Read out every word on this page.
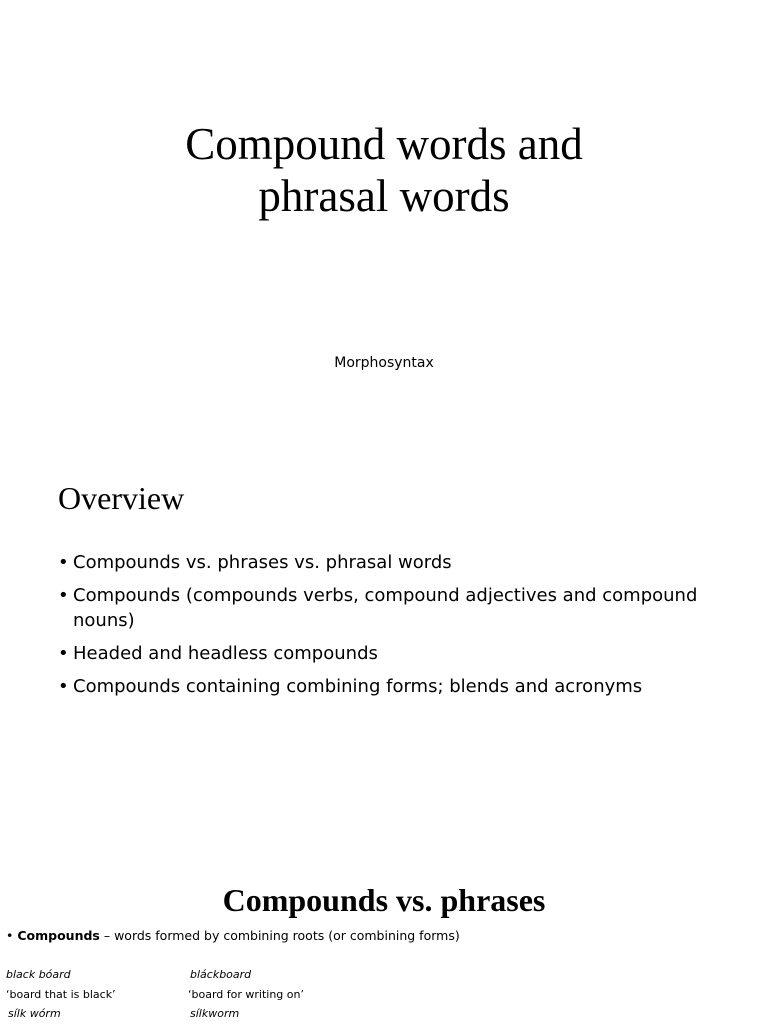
Compound words and
phrasal words
Morphosyntax
Overview
• Compounds vs. phrases vs. phrasal words
• Compounds (compounds verbs, compound adjectives and compound nouns)
• Headed and headless compounds
• Compounds containing combining forms; blends and acronyms
Compounds vs. phrases
• Compounds – words formed by combining roots (or combining forms)
black bóard
‘board that is black’
sílk wórm
bláckboard
‘board for writing on’
sílkworm
